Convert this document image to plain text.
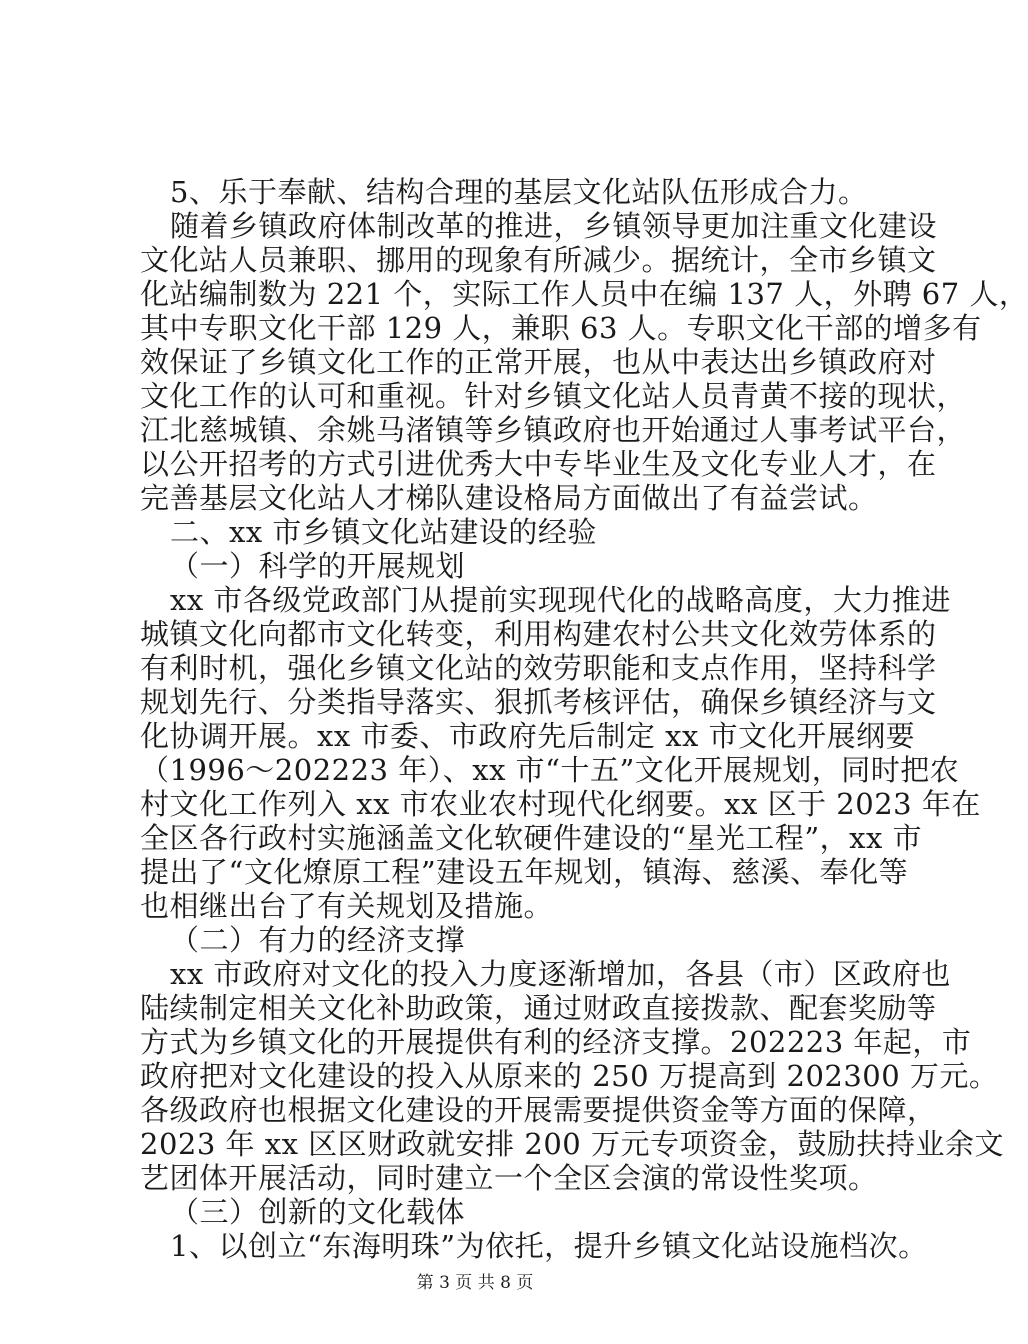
5、乐于奉献、结构合理的基层文化站队伍形成合力。
随着乡镇政府体制改革的推进，乡镇领导更加注重文化建设
文化站人员兼职、挪用的现象有所减少。据统计，全市乡镇文
化站编制数为 221 个，实际工作人员中在编 137 人，外聘 67 人，
其中专职文化干部 129 人，兼职 63 人。专职文化干部的增多有
效保证了乡镇文化工作的正常开展，也从中表达出乡镇政府对
文化工作的认可和重视。针对乡镇文化站人员青黄不接的现状，
江北慈城镇、余姚马渚镇等乡镇政府也开始通过人事考试平台，
以公开招考的方式引进优秀大中专毕业生及文化专业人才，在
完善基层文化站人才梯队建设格局方面做出了有益尝试。
二、xx 市乡镇文化站建设的经验
（一）科学的开展规划
xx 市各级党政部门从提前实现现代化的战略高度，大力推进
城镇文化向都市文化转变，利用构建农村公共文化效劳体系的
有利时机，强化乡镇文化站的效劳职能和支点作用，坚持科学
规划先行、分类指导落实、狠抓考核评估，确保乡镇经济与文
化协调开展。xx 市委、市政府先后制定 xx 市文化开展纲要
（1996～202223 年）、xx 市“十五”文化开展规划，同时把农
村文化工作列入 xx 市农业农村现代化纲要。xx 区于 2023 年在
全区各行政村实施涵盖文化软硬件建设的“星光工程”，xx 市
提出了“文化燎原工程”建设五年规划，镇海、慈溪、奉化等
也相继出台了有关规划及措施。
（二）有力的经济支撑
xx 市政府对文化的投入力度逐渐增加，各县（市）区政府也
陆续制定相关文化补助政策，通过财政直接拨款、配套奖励等
方式为乡镇文化的开展提供有利的经济支撑。202223 年起，市
政府把对文化建设的投入从原来的 250 万提高到 202300 万元。
各级政府也根据文化建设的开展需要提供资金等方面的保障，
2023 年 xx 区区财政就安排 200 万元专项资金，鼓励扶持业余文
艺团体开展活动，同时建立一个全区会演的常设性奖项。
（三）创新的文化载体
1、以创立“东海明珠”为依托，提升乡镇文化站设施档次。
第 3 页 共 8 页
